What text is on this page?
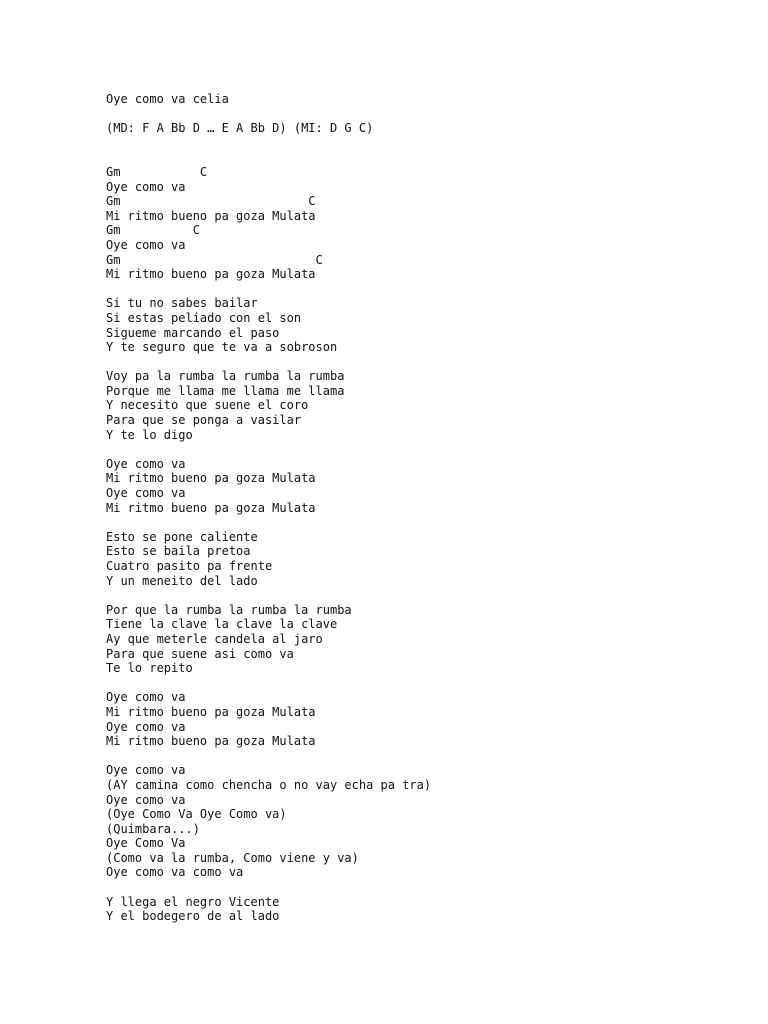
Oye como va celia
(MD: F A Bb D … E A Bb D) (MI: D G C)
Gm           C
Oye como va
Gm                          C
Mi ritmo bueno pa goza Mulata
Gm          C
Oye como va
Gm                           C
Mi ritmo bueno pa goza Mulata
Si tu no sabes bailar
Si estas peliado con el son
Sigueme marcando el paso
Y te seguro que te va a sobroson
Voy pa la rumba la rumba la rumba
Porque me llama me llama me llama
Y necesito que suene el coro
Para que se ponga a vasilar
Y te lo digo
Oye como va
Mi ritmo bueno pa goza Mulata
Oye como va
Mi ritmo bueno pa goza Mulata
Esto se pone caliente
Esto se baila pretoa
Cuatro pasito pa frente
Y un meneito del lado
Por que la rumba la rumba la rumba
Tiene la clave la clave la clave
Ay que meterle candela al jaro
Para que suene asi como va
Te lo repito
Oye como va
Mi ritmo bueno pa goza Mulata
Oye como va
Mi ritmo bueno pa goza Mulata
Oye como va
(AY camina como chencha o no vay echa pa tra)
Oye como va
(Oye Como Va Oye Como va)
(Quimbara...)
Oye Como Va
(Como va la rumba, Como viene y va)
Oye como va como va
Y llega el negro Vicente
Y el bodegero de al lado
